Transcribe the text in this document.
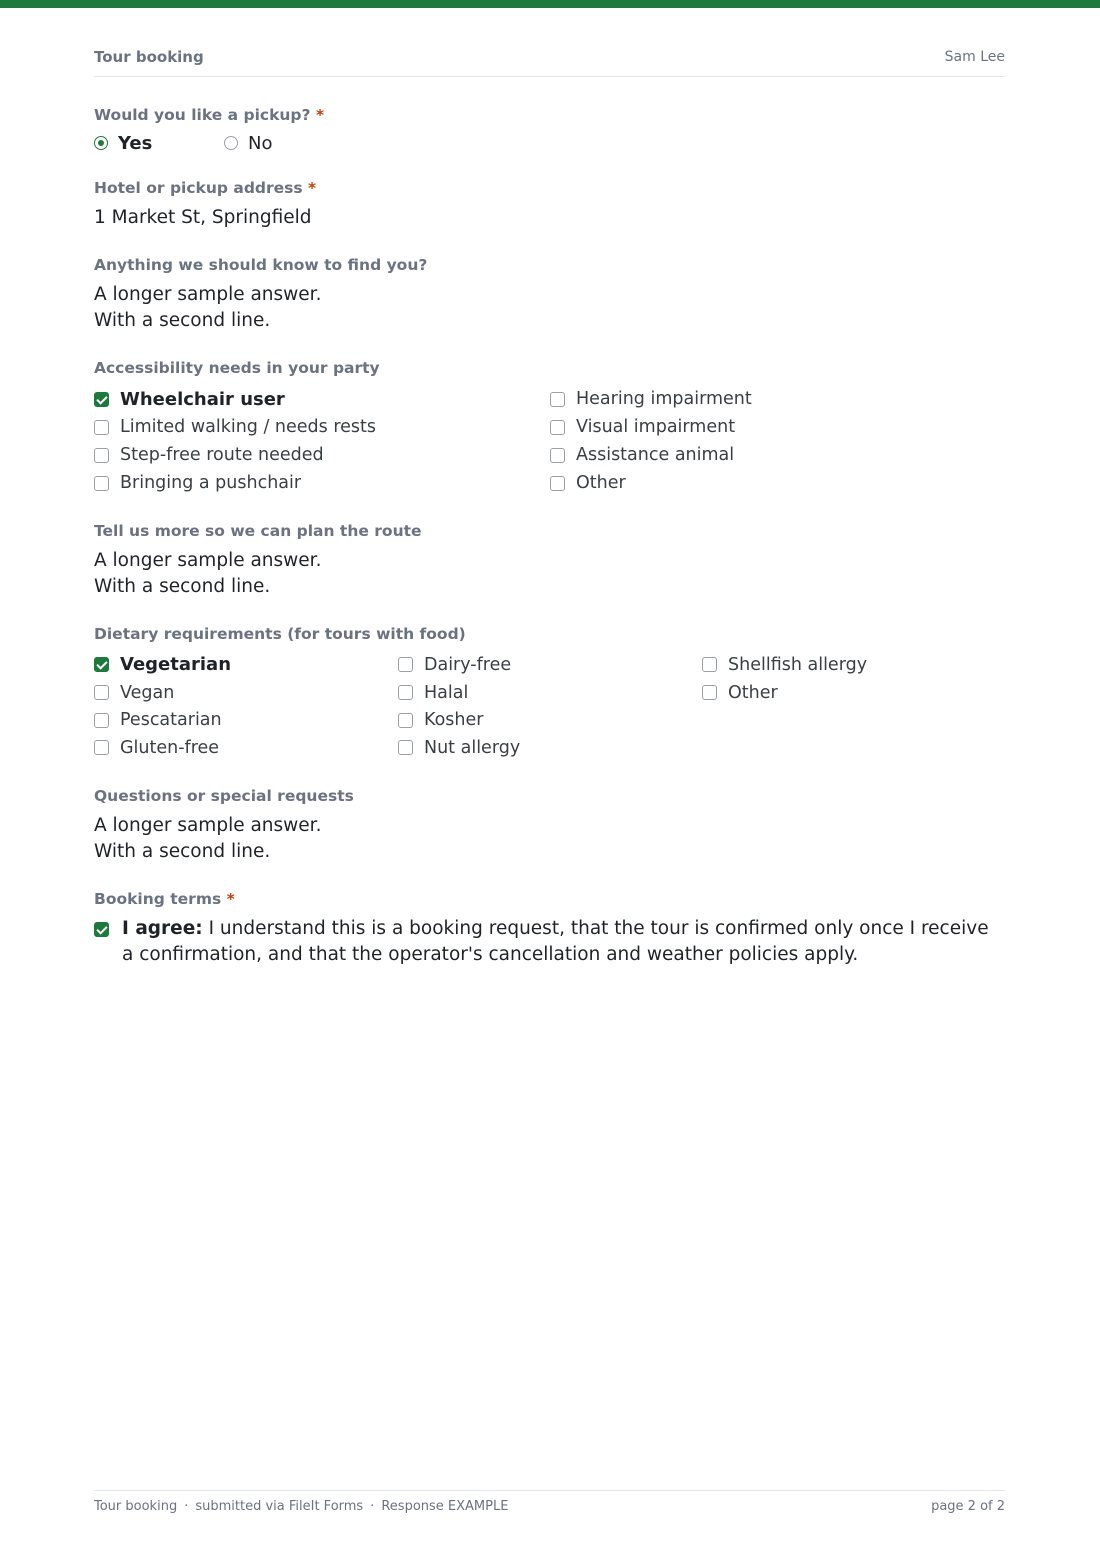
Tour booking	Sam Lee
Would you like a pickup? *
Yes	No
Hotel or pickup address *
1 Market St, Springfield
Anything we should know to find you?
A longer sample answer.
With a second line.
Accessibility needs in your party
Wheelchair user
Limited walking / needs rests
Step-free route needed
Bringing a pushchair
Hearing impairment
Visual impairment
Assistance animal
Other
Tell us more so we can plan the route
A longer sample answer.
With a second line.
Dietary requirements (for tours with food)
Vegetarian
Vegan
Pescatarian
Gluten-free
Dairy-free
Halal
Kosher
Nut allergy
Shellfish allergy
Other
Questions or special requests
A longer sample answer.
With a second line.
Booking terms *
I agree: I understand this is a booking request, that the tour is confirmed only once I receive a confirmation, and that the operator's cancellation and weather policies apply.
Tour booking · submitted via FileIt Forms · Response EXAMPLE	page 2 of 2
